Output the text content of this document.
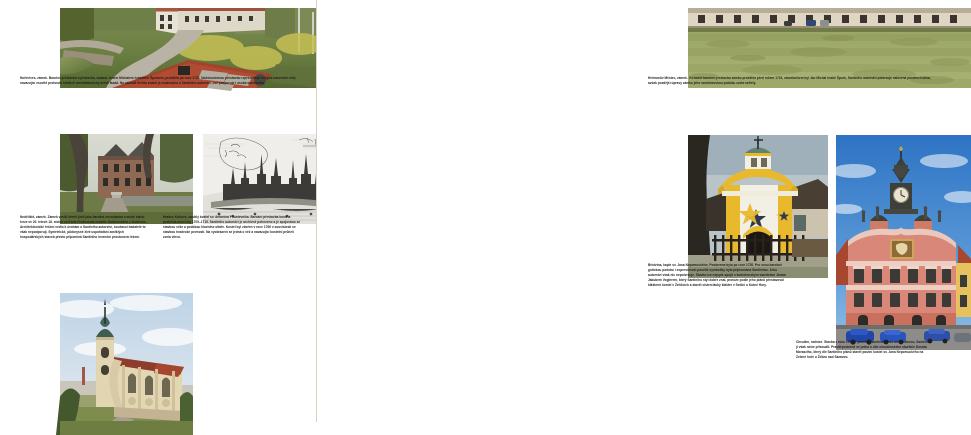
Hořiněves, zámek. Barokní přestavba a přístavba, zadaná Janem Michalem hrabětem Šporkem, proběhla po roce 1720. Nedokončenou přestavbu reprezentuje dvojice nárožních věží, navazující esovitě prohnutá křídla či architektonický detail fasád. Na základě těchto znaků je uvažováno o Santiniho autorství, což podporuje i osoba stavebníka.
Neděliště, zámek. Zámek vznikl téměř jistě jako barokní novostavba v místě starší tvrze ve 20. letech 18. století za Karla Ferdinanda hraběte Dobřenského z Dobřenic. Architektonické řešení vedlo k úvahám o Santiniho autorství, současní badatelé to však nepodporují. Symetrické, půdorysně živé uspořádání zaniklých hospodářských staveb přesto připomíná Santiniho invenční prostorová řešení.
Hradec Králové, zaniklý kostel sv. Antonína Poustevníka. Barokní přestavba kostela proběhla mezi lety 1705–1719. Santiniho autorství je archivně potvrzeno a je spojováno se stavbou věže a podobou hlavního oltáře. Kostel byl zbořen v roce 1766 v souvislosti se stavbou hradecké pevnosti. Na vyobrazení se jedná o věž a navazující kostelní průčelí zcela vlevo.
Heřmanův Městec, zámek. Vrcholně barokní přestavba zámku proběhla před rokem 1724, stavebníkem byl Jan Michal hrabě Špork, Santiniho autorství potvrzuje nalezená pamětní listina, avšak pozdější úpravy zámku jeho santiniovskou podobu zcela setřely.
Běstvina, kaple sv. Jana Nepomuckého. Postavena byla po roce 1720. Pro svou barokně gotickou podobu i expresivnost použité symboliky byla připisována Santinimu. Jeho autorství však nic nepotvrzuje. Stavbu lze nejspíš spojit s kutnohorským stavitelem Janem Jakubem Voglerem, který Santiniho styl dobře znal, protože podle jeho plánů přestavoval klášterní kostel v Žehlicích a stavěl cisterciácký klášter v Sedlci u Kutné Hory.
Chrudim, radnice. Stavba z roku 1721 je poučena santiniovskou architekturou, Santinimu ji však nelze přisoudit. Pravděpodobně se jedná o dílo chrudimského stavitele Donata Morazziho, který dle Santiniho plánů stavěl poutní kostel sv. Jana Nepomuckého na Zelené hoře u Žďáru nad Sázavou.
